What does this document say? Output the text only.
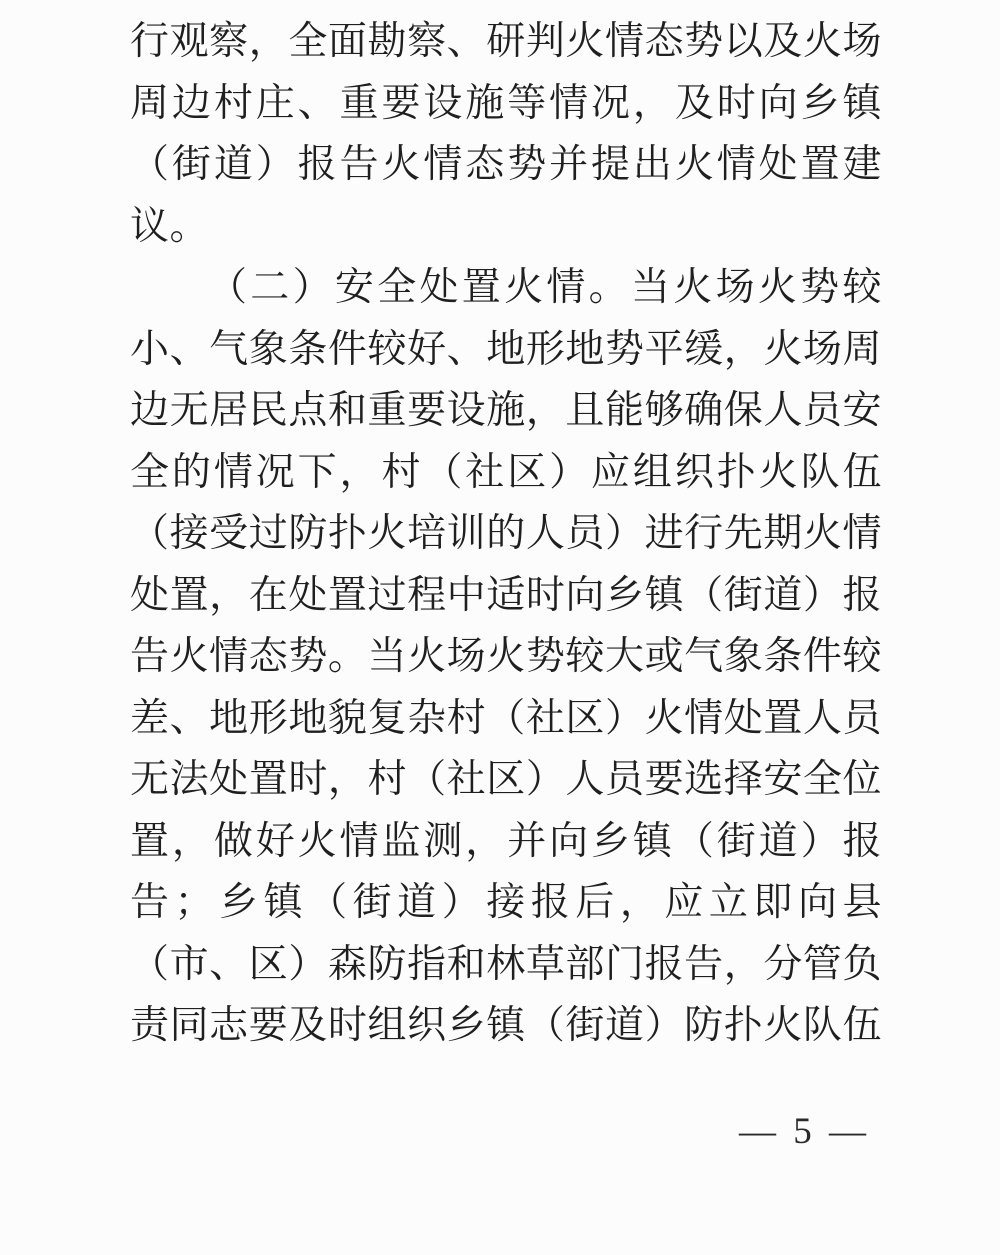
行观察，全面勘察、研判火情态势以及火场
周边村庄、重要设施等情况，及时向乡镇
（街道）报告火情态势并提出火情处置建
议。
（二）安全处置火情。当火场火势较
小、气象条件较好、地形地势平缓，火场周
边无居民点和重要设施，且能够确保人员安
全的情况下，村（社区）应组织扑火队伍
（接受过防扑火培训的人员）进行先期火情
处置，在处置过程中适时向乡镇（街道）报
告火情态势。当火场火势较大或气象条件较
差、地形地貌复杂村（社区）火情处置人员
无法处置时，村（社区）人员要选择安全位
置，做好火情监测，并向乡镇（街道）报
告；乡镇（街道）接报后，应立即向县
（市、区）森防指和林草部门报告，分管负
责同志要及时组织乡镇（街道）防扑火队伍
— 5 —
